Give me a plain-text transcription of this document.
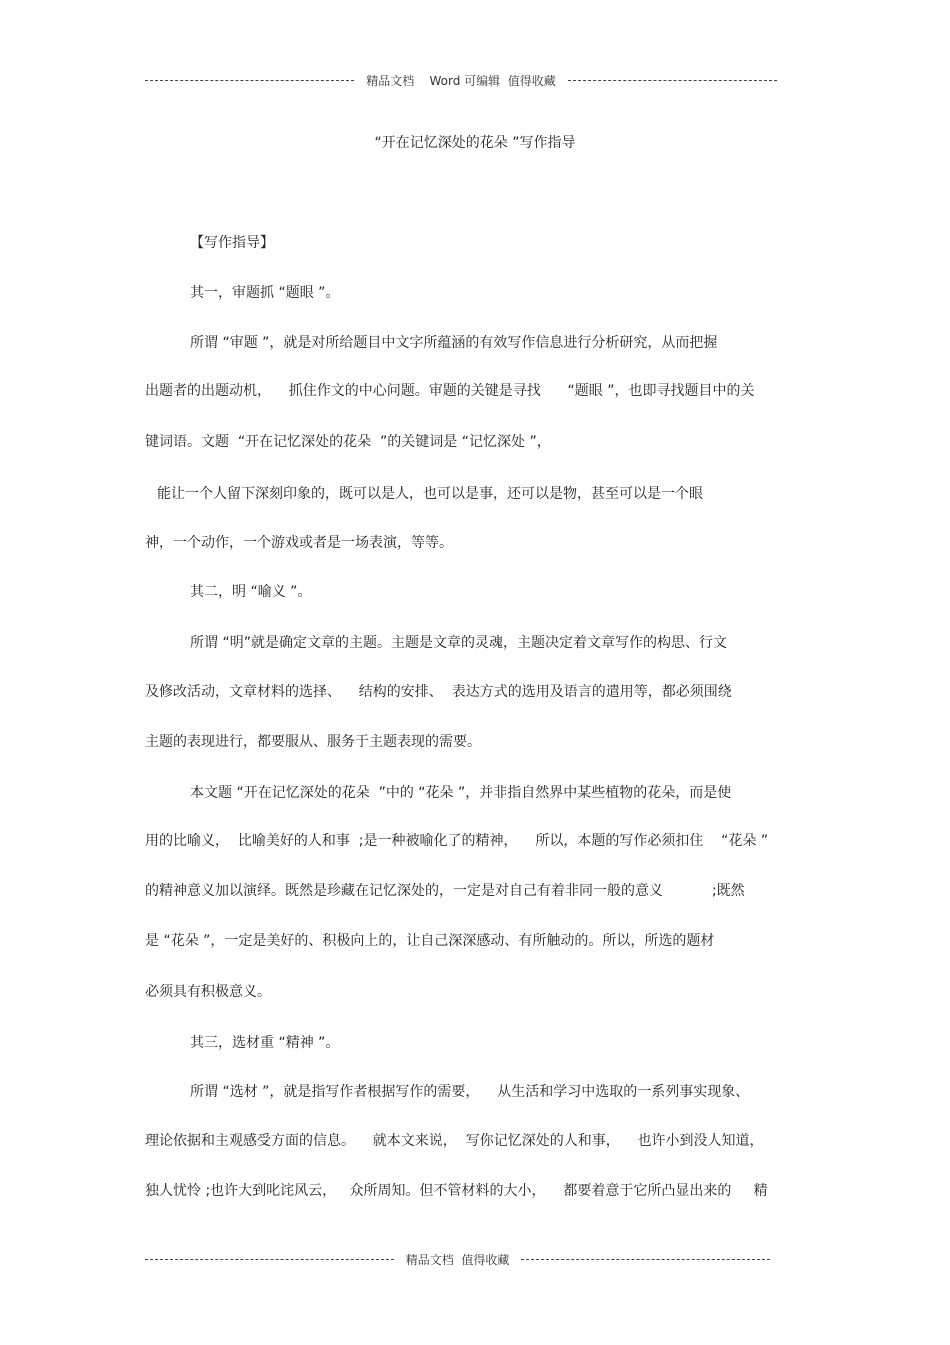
精品文档    Word 可编辑  值得收藏
“开在记忆深处的花朵 ”写作指导
【写作指导】
其一，审题抓 “题眼 ”。
所谓 “审题 ”，就是对所给题目中文字所蕴涵的有效写作信息进行分析研究，从而把握
出题者的出题动机，    抓住作文的中心问题。审题的关键是寻找      “题眼 ”，也即寻找题目中的关
键词语。文题  “开在记忆深处的花朵  ”的关键词是 “记忆深处 ”，
能让一个人留下深刻印象的，既可以是人，也可以是事，还可以是物，甚至可以是一个眼
神，一个动作，一个游戏或者是一场表演，等等。
其二，明 “喻义 ”。
所谓 “明”就是确定文章的主题。主题是文章的灵魂，主题决定着文章写作的构思、行文
及修改活动，文章材料的选择、    结构的安排、  表达方式的选用及语言的遣用等，都必须围绕
主题的表现进行，都要服从、服务于主题表现的需要。
本文题 “开在记忆深处的花朵  ”中的 “花朵 ”，并非指自然界中某些植物的花朵，而是使
用的比喻义，  比喻美好的人和事  ;是一种被喻化了的精神，    所以，本题的写作必须扣住    “花朵 ”
的精神意义加以演绎。既然是珍藏在记忆深处的，一定是对自己有着非同一般的意义           ;既然
是 “花朵 ”，一定是美好的、积极向上的，让自己深深感动、有所触动的。所以，所选的题材
必须具有积极意义。
其三，选材重 “精神 ”。
所谓 “选材 ”，就是指写作者根据写作的需要，    从生活和学习中选取的一系列事实现象、
理论依据和主观感受方面的信息。    就本文来说，  写你记忆深处的人和事，    也许小到没人知道，
独人忧怜 ;也许大到叱诧风云，   众所周知。但不管材料的大小，    都要着意于它所凸显出来的     精
精品文档  值得收藏
